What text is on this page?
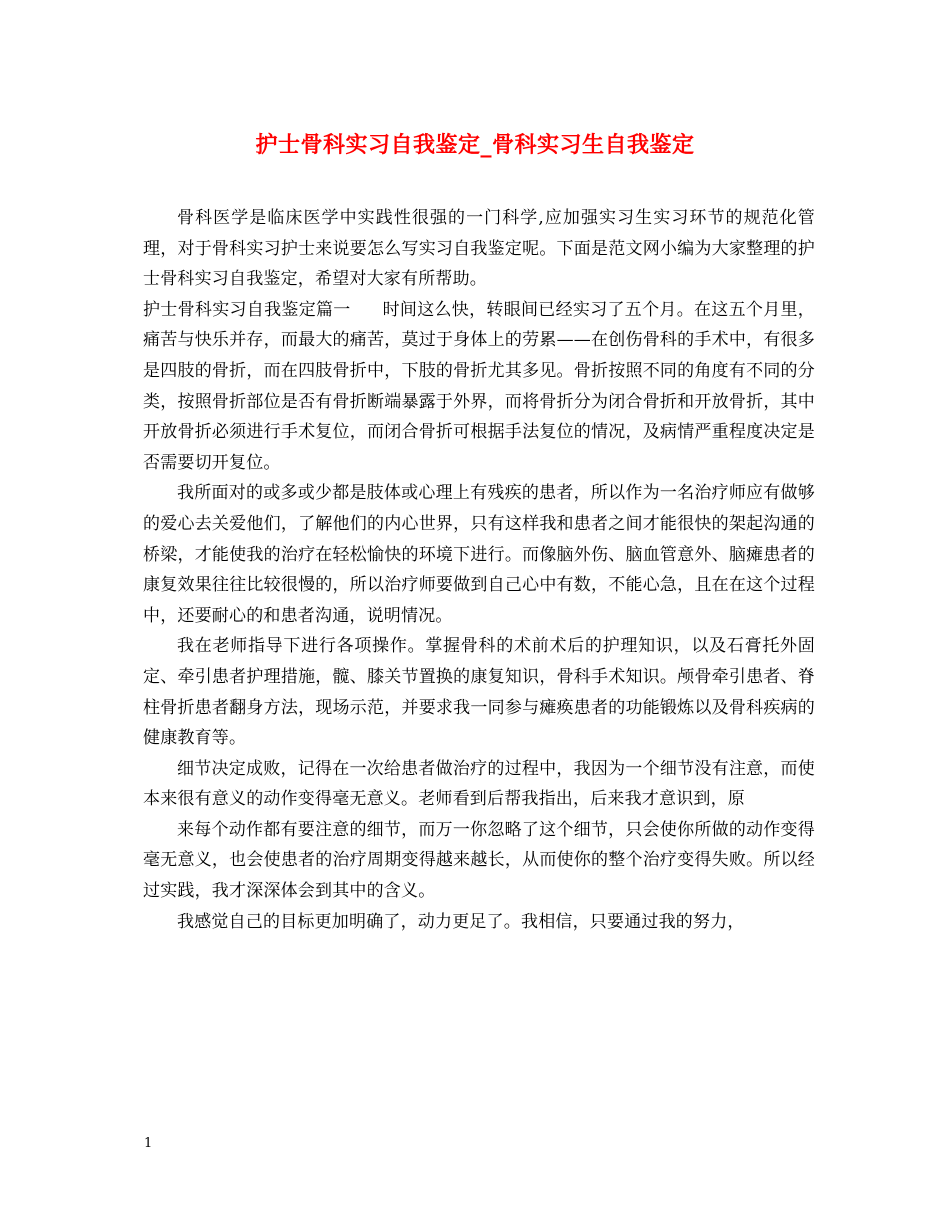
护士骨科实习自我鉴定_骨科实习生自我鉴定

骨科医学是临床医学中实践性很强的一门科学,应加强实习生实习环节的规范化管理，对于骨科实习护士来说要怎么写实习自我鉴定呢。下面是范文网小编为大家整理的护士骨科实习自我鉴定，希望对大家有所帮助。

护士骨科实习自我鉴定篇一 时间这么快，转眼间已经实习了五个月。在这五个月里，痛苦与快乐并存，而最大的痛苦，莫过于身体上的劳累——在创伤骨科的手术中，有很多是四肢的骨折，而在四肢骨折中，下肢的骨折尤其多见。骨折按照不同的角度有不同的分类，按照骨折部位是否有骨折断端暴露于外界，而将骨折分为闭合骨折和开放骨折，其中开放骨折必须进行手术复位，而闭合骨折可根据手法复位的情况，及病情严重程度决定是否需要切开复位。

我所面对的或多或少都是肢体或心理上有残疾的患者，所以作为一名治疗师应有做够的爱心去关爱他们，了解他们的内心世界，只有这样我和患者之间才能很快的架起沟通的桥梁，才能使我的治疗在轻松愉快的环境下进行。而像脑外伤、脑血管意外、脑瘫患者的康复效果往往比较很慢的，所以治疗师要做到自己心中有数，不能心急，且在在这个过程中，还要耐心的和患者沟通，说明情况。

我在老师指导下进行各项操作。掌握骨科的术前术后的护理知识，以及石膏托外固定、牵引患者护理措施，髋、膝关节置换的康复知识，骨科手术知识。颅骨牵引患者、脊柱骨折患者翻身方法，现场示范，并要求我一同参与瘫痪患者的功能锻炼以及骨科疾病的健康教育等。

细节决定成败，记得在一次给患者做治疗的过程中，我因为一个细节没有注意，而使本来很有意义的动作变得毫无意义。老师看到后帮我指出，后来我才意识到，原

来每个动作都有要注意的细节，而万一你忽略了这个细节，只会使你所做的动作变得毫无意义，也会使患者的治疗周期变得越来越长，从而使你的整个治疗变得失败。所以经过实践，我才深深体会到其中的含义。

我感觉自己的目标更加明确了，动力更足了。我相信，只要通过我的努力，

1
